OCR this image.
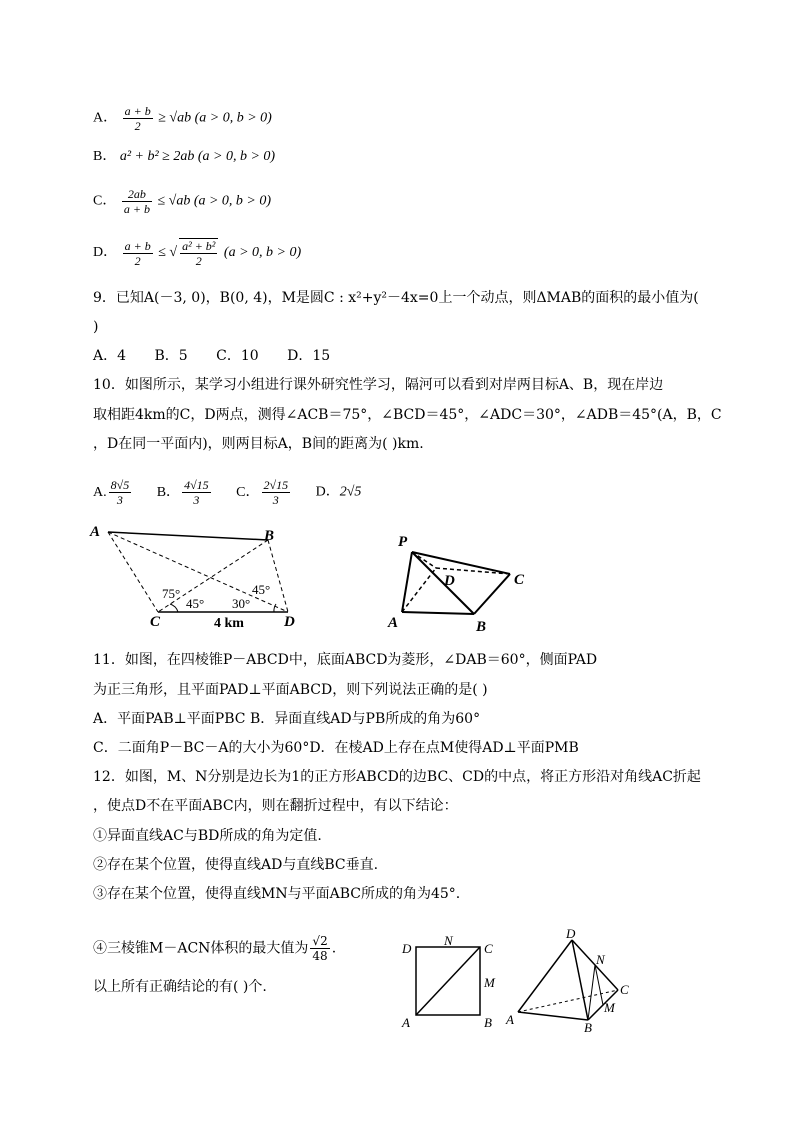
A． $\frac{a + b}{2} \ge √ab$ (a > 0, b > 0)
B． a² + b² ≥ 2ab (a > 0, b > 0)
C． $\frac{2ab}{a + b} \le √ab$ (a > 0, b > 0)
D． $\frac{a + b}{2}$ ≤ √ $\frac{\text{a² + b²}}{2} (a > 0$, b > 0)
9．已知A(－3, 0)，B(0, 4)，M是圆C : x²+y²－4x=0上一个动点，则ΔMAB的面积的最小值为(
)
A．4 B．5 C．10 D．15
10．如图所示，某学习小组进行课外研究性学习，隔河可以看到对岸两目标A、B，现在岸边
取相距4km的C，D两点，测得∠ACB＝75°，∠BCD＝45°，∠ADC＝30°，∠ADB＝45°(A，B，C
，D在同一平面内)，则两目标A，B间的距离为( )km.
A. $\frac{8√5}{3}$ B． $\frac{4√15}{3}$ C． $\frac{2√15}{3}$ D．2√5
A	B
C	D
75°
45° 30°
45°
4 km
P
A	B
C
D
11．如图，在四棱锥P－ABCD中，底面ABCD为菱形，∠DAB＝60°，侧面PAD
为正三角形，且平面PAD⊥平面ABCD，则下列说法正确的是( )
A．平面PAB⊥平面PBC B．异面直线AD与PB所成的角为60°
C．二面角P－BC－A的大小为60°D．在棱AD上存在点M使得AD⊥平面PMB
12．如图，M、N分别是边长为1的正方形ABCD的边BC、CD的中点，将正方形沿对角线AC折起
，使点D不在平面ABC内，则在翻折过程中，有以下结论：
①异面直线AC与BD所成的角为定值.
②存在某个位置，使得直线AD与直线BC垂直.
③存在某个位置，使得直线MN与平面ABC所成的角为45°.
④三棱锥M－ACN体积的最大值为 $\frac{√2}{48}$ .
以上所有正确结论的有( )个.
D
N
C
M
A	B
D
N
C
M
A
B
